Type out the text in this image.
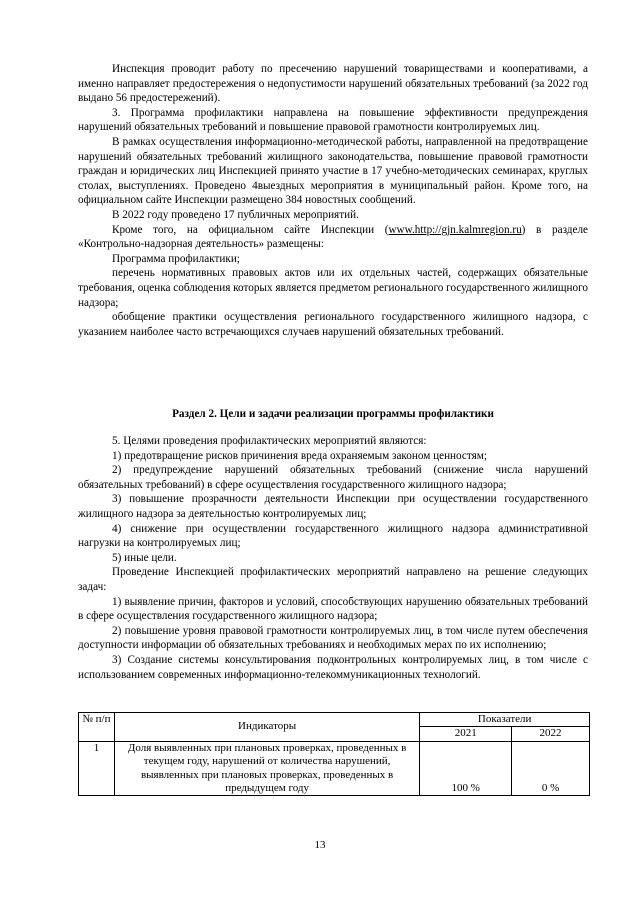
Инспекция проводит работу по пресечению нарушений товариществами и кооперативами, а именно направляет предостережения о недопустимости нарушений обязательных требований (за 2022 год выдано 56 предостережений).

3. Программа профилактики направлена на повышение эффективности предупреждения нарушений обязательных требований и повышение правовой грамотности контролируемых лиц.

В рамках осуществления информационно-методической работы, направленной на предотвращение нарушений обязательных требований жилищного законодательства, повышение правовой грамотности граждан и юридических лиц Инспекцией принято участие в 17 учебно-методических семинарах, круглых столах, выступлениях. Проведено 4выездных мероприятия в муниципальный район. Кроме того, на официальном сайте Инспекции размещено 384 новостных сообщений.

В 2022 году проведено 17 публичных мероприятий.

Кроме того, на официальном сайте Инспекции (www.http://gjn.kalmregion.ru) в разделе «Контрольно-надзорная деятельность» размещены:

Программа профилактики;

перечень нормативных правовых актов или их отдельных частей, содержащих обязательные требования, оценка соблюдения которых является предметом регионального государственного жилищного надзора;

обобщение практики осуществления регионального государственного жилищного надзора, с указанием наиболее часто встречающихся случаев нарушений обязательных требований.

Раздел 2. Цели и задачи реализации программы профилактики

5. Целями проведения профилактических мероприятий являются:

1) предотвращение рисков причинения вреда охраняемым законом ценностям;

2) предупреждение нарушений обязательных требований (снижение числа нарушений обязательных требований) в сфере осуществления государственного жилищного надзора;

3) повышение прозрачности деятельности Инспекции при осуществлении государственного жилищного надзора за деятельностью контролируемых лиц;

4) снижение при осуществлении государственного жилищного надзора административной нагрузки на контролируемых лиц;

5) иные цели.

Проведение Инспекцией профилактических мероприятий направлено на решение следующих задач:

1) выявление причин, факторов и условий, способствующих нарушению обязательных требований в сфере осуществления государственного жилищного надзора;

2) повышение уровня правовой грамотности контролируемых лиц, в том числе путем обеспечения доступности информации об обязательных требованиях и необходимых мерах по их исполнению;

3) Создание системы консультирования подконтрольных контролируемых лиц, в том числе с использованием современных информационно-телекоммуникационных технологий.

№ п/п	Индикаторы	Показатели	
		2021	2022
1	Доля выявленных при плановых проверках, проведенных в текущем году, нарушений от количества нарушений, выявленных при плановых проверках, проведенных в предыдущем году	100 %	0 %
13
